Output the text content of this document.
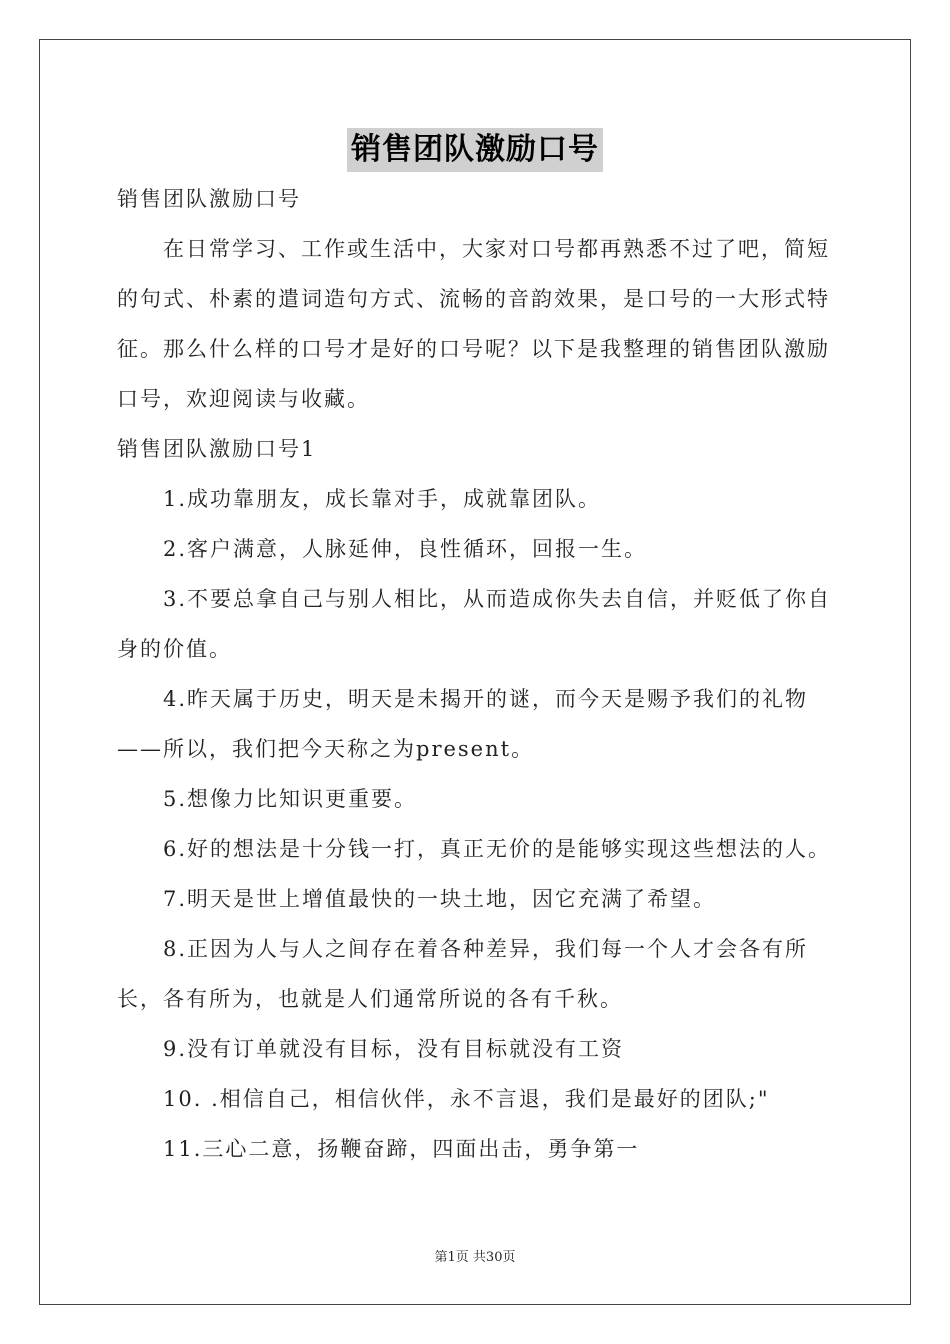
销售团队激励口号
销售团队激励口号
在日常学习、工作或生活中，大家对口号都再熟悉不过了吧，简短的句式、朴素的遣词造句方式、流畅的音韵效果，是口号的一大形式特征。那么什么样的口号才是好的口号呢？以下是我整理的销售团队激励口号，欢迎阅读与收藏。
销售团队激励口号1
1.成功靠朋友，成长靠对手，成就靠团队。
2.客户满意，人脉延伸，良性循环，回报一生。
3.不要总拿自己与别人相比，从而造成你失去自信，并贬低了你自身的价值。
4.昨天属于历史，明天是未揭开的谜，而今天是赐予我们的礼物——所以，我们把今天称之为present。
5.想像力比知识更重要。
6.好的想法是十分钱一打，真正无价的是能够实现这些想法的人。
7.明天是世上增值最快的一块土地，因它充满了希望。
8.正因为人与人之间存在着各种差异，我们每一个人才会各有所长，各有所为，也就是人们通常所说的各有千秋。
9.没有订单就没有目标，没有目标就没有工资
10. .相信自己，相信伙伴，永不言退，我们是最好的团队;"
11.三心二意，扬鞭奋蹄，四面出击，勇争第一
第1页 共30页
